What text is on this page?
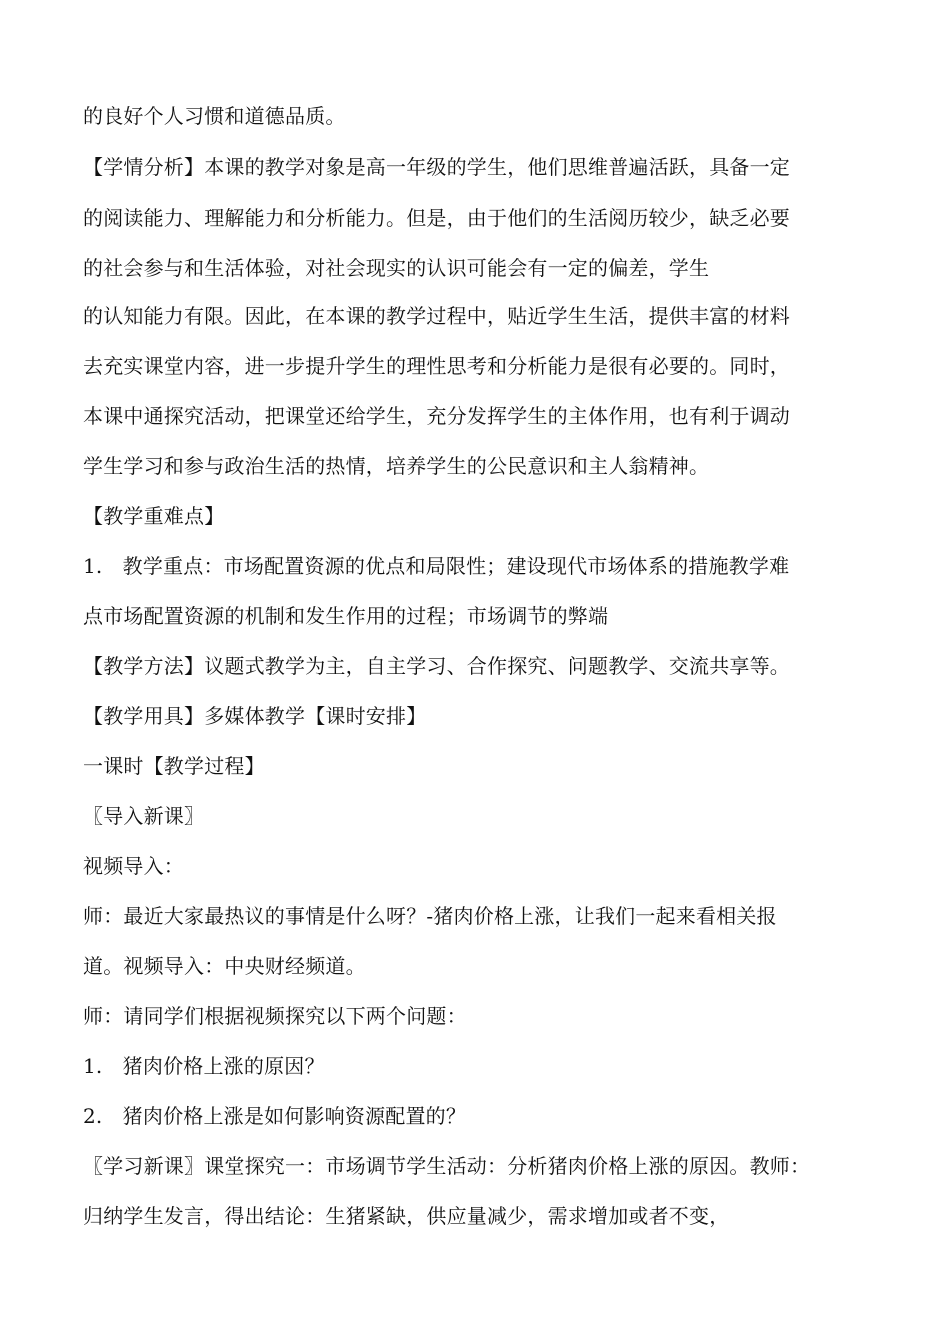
的良好个人习惯和道德品质。
【学情分析】本课的教学对象是高一年级的学生，他们思维普遍活跃，具备一定
的阅读能力、理解能力和分析能力。但是，由于他们的生活阅历较少，缺乏必要
的社会参与和生活体验，对社会现实的认识可能会有一定的偏差，学生
的认知能力有限。因此，在本课的教学过程中，贴近学生生活，提供丰富的材料
去充实课堂内容，进一步提升学生的理性思考和分析能力是很有必要的。同时，
本课中通探究活动，把课堂还给学生，充分发挥学生的主体作用，也有利于调动
学生学习和参与政治生活的热情，培养学生的公民意识和主人翁精神。
【教学重难点】
1.　教学重点：市场配置资源的优点和局限性；建设现代市场体系的措施教学难
点市场配置资源的机制和发生作用的过程；市场调节的弊端
【教学方法】议题式教学为主，自主学习、合作探究、问题教学、交流共享等。
【教学用具】多媒体教学【课时安排】
一课时【教学过程】
〖导入新课〗
视频导入：
师：最近大家最热议的事情是什么呀？-猪肉价格上涨，让我们一起来看相关报
道。视频导入：中央财经频道。
师：请同学们根据视频探究以下两个问题：
1.　猪肉价格上涨的原因？
2.　猪肉价格上涨是如何影响资源配置的？
〖学习新课〗课堂探究一：市场调节学生活动：分析猪肉价格上涨的原因。教师：
归纳学生发言，得出结论：生猪紧缺，供应量减少，需求增加或者不变，
